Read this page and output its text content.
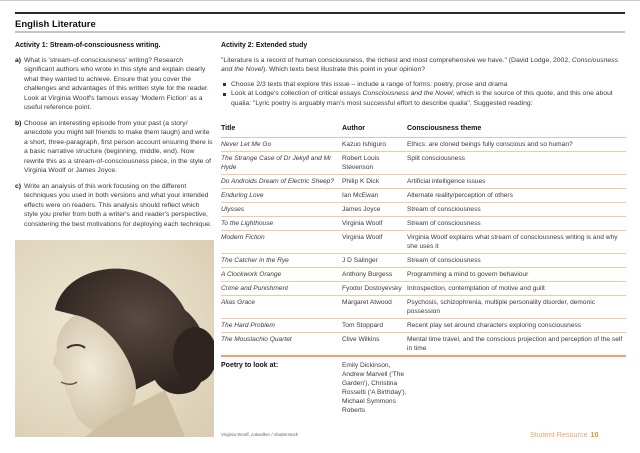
English Literature
Activity 1: Stream-of-consciousness writing.
a) What is 'stream-of-consciousness' writing? Research significant authors who wrote in this style and explain clearly what they wanted to achieve. Ensure that you cover the challenges and advantages of this written style for the reader. Look at Virginia Woolf's famous essay 'Modern Fiction' as a useful reference point.
b) Choose an interesting episode from your past (a story/ anecdote you might tell friends to make them laugh) and write a short, three-paragraph, first person account ensuring there is a basic narrative structure (beginning, middle, end). Now rewrite this as a stream-of-consciousness piece, in the style of Virginia Woolf or James Joyce.
c) Write an analysis of this work focusing on the different techniques you used in both versions and what your intended effects were on readers. This analysis should reflect which style you prefer from both a writer's and reader's perspective, considering the best motivations for deploying each technique.
Virginia Woolf, catwalker / shutterstock
Activity 2: Extended study
"Literature is a record of human consciousness, the richest and most comprehensive we have." (David Lodge, 2002, Consciousness and the Novel). Which texts best illustrate this point in your opinion?
Choose 2/3 texts that explore this issue – include a range of forms: poetry, prose and drama
Look at Lodge's collection of critical essays Consciousness and the Novel, which is the source of this quote, and this one about qualia: "Lyric poetry is arguably man's most successful effort to describe qualia". Suggested reading:
Title	Author	Consciousness theme
Never Let Me Go	Kazuo Ishiguro	Ethics: are cloned beings fully conscious and so human?
The Strange Case of Dr Jekyll and Mr Hyde	Robert Louis Stevenson	Split consciousness
Do Androids Dream of Electric Sheep?	Philip K Dick	Artificial intelligence issues
Enduring Love	Ian McEwan	Alternate reality/perception of others
Ulysses	James Joyce	Stream of consciousness
To the Lighthouse	Virginia Woolf	Stream of consciousness
Modern Fiction	Virginia Woolf	Virginia Woolf explains what stream of consciousness writing is and why she uses it
The Catcher in the Rye	J D Salinger	Stream of consciousness
A Clockwork Orange	Anthony Burgess	Programming a mind to govern behaviour
Crime and Punishment	Fyodor Dostoyevsky	Introspection, contemplation of motive and guilt
Alias Grace	Margaret Atwood	Psychosis, schizophrenia, multiple personality disorder, demonic possession
The Hard Problem	Tom Stoppard	Recent play set around characters exploring consciousness
The Moustachio Quartet	Clive Wilkins	Mental time travel, and the conscious projection and perception of the self in time
Poetry to look at:	Emily Dickinson, Andrew Marvell ('The Garden'), Christina Rossetti ('A Birthday'), Michael Symmons Roberts	
Student Resource 10
